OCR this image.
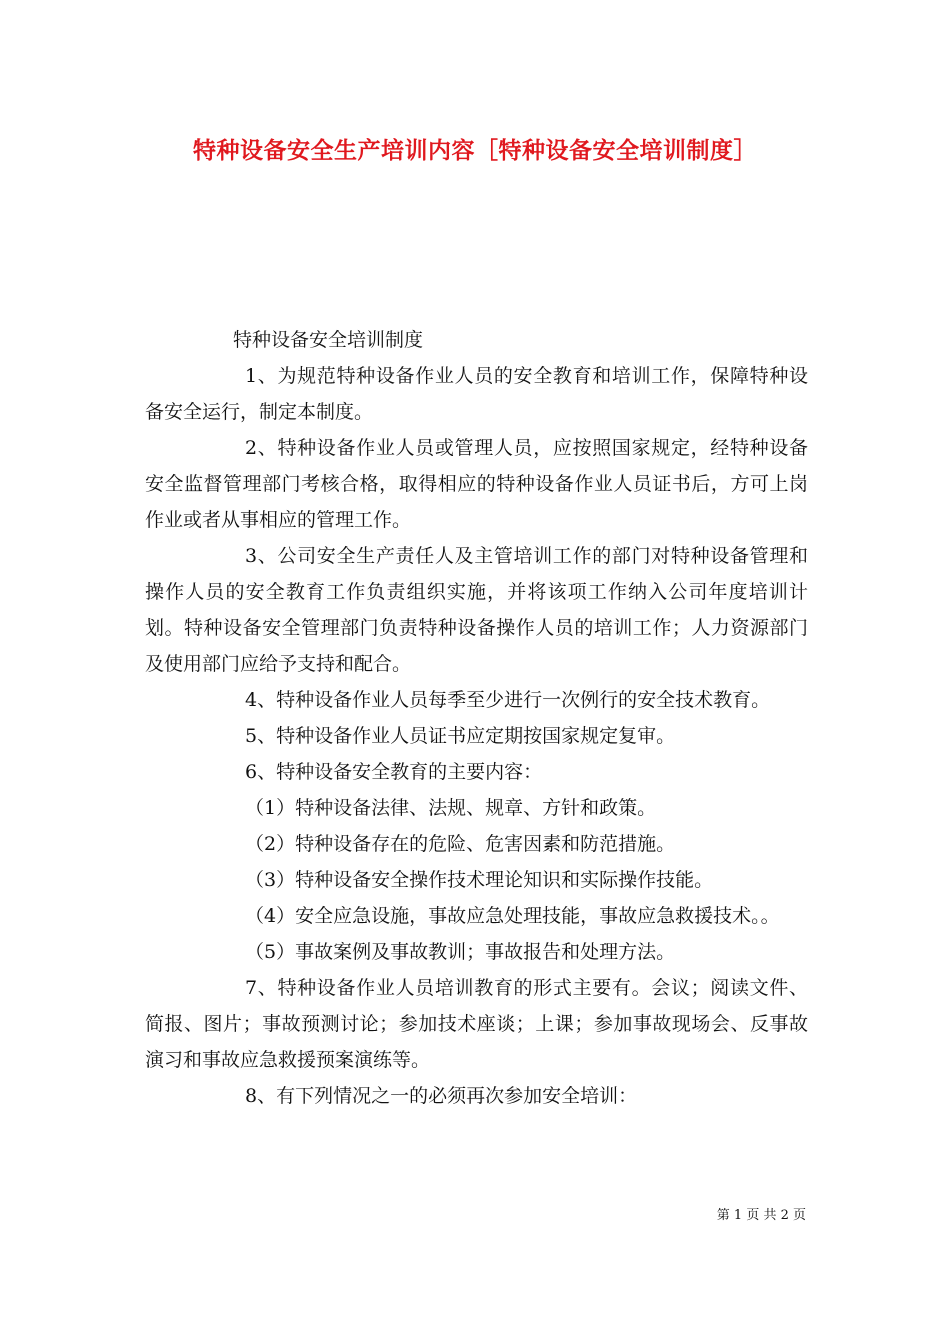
特种设备安全生产培训内容［特种设备安全培训制度］

特种设备安全培训制度

1、为规范特种设备作业人员的安全教育和培训工作，保障特种设备安全运行，制定本制度。

2、特种设备作业人员或管理人员，应按照国家规定，经特种设备安全监督管理部门考核合格，取得相应的特种设备作业人员证书后，方可上岗作业或者从事相应的管理工作。

3、公司安全生产责任人及主管培训工作的部门对特种设备管理和操作人员的安全教育工作负责组织实施，并将该项工作纳入公司年度培训计划。特种设备安全管理部门负责特种设备操作人员的培训工作；人力资源部门及使用部门应给予支持和配合。

4、特种设备作业人员每季至少进行一次例行的安全技术教育。

5、特种设备作业人员证书应定期按国家规定复审。

6、特种设备安全教育的主要内容：

（1）特种设备法律、法规、规章、方针和政策。

（2）特种设备存在的危险、危害因素和防范措施。

（3）特种设备安全操作技术理论知识和实际操作技能。

（4）安全应急设施，事故应急处理技能，事故应急救援技术。。

（5）事故案例及事故教训；事故报告和处理方法。

7、特种设备作业人员培训教育的形式主要有。会议；阅读文件、简报、图片；事故预测讨论；参加技术座谈；上课；参加事故现场会、反事故演习和事故应急救援预案演练等。

8、有下列情况之一的必须再次参加安全培训：

第 1 页 共 2 页
